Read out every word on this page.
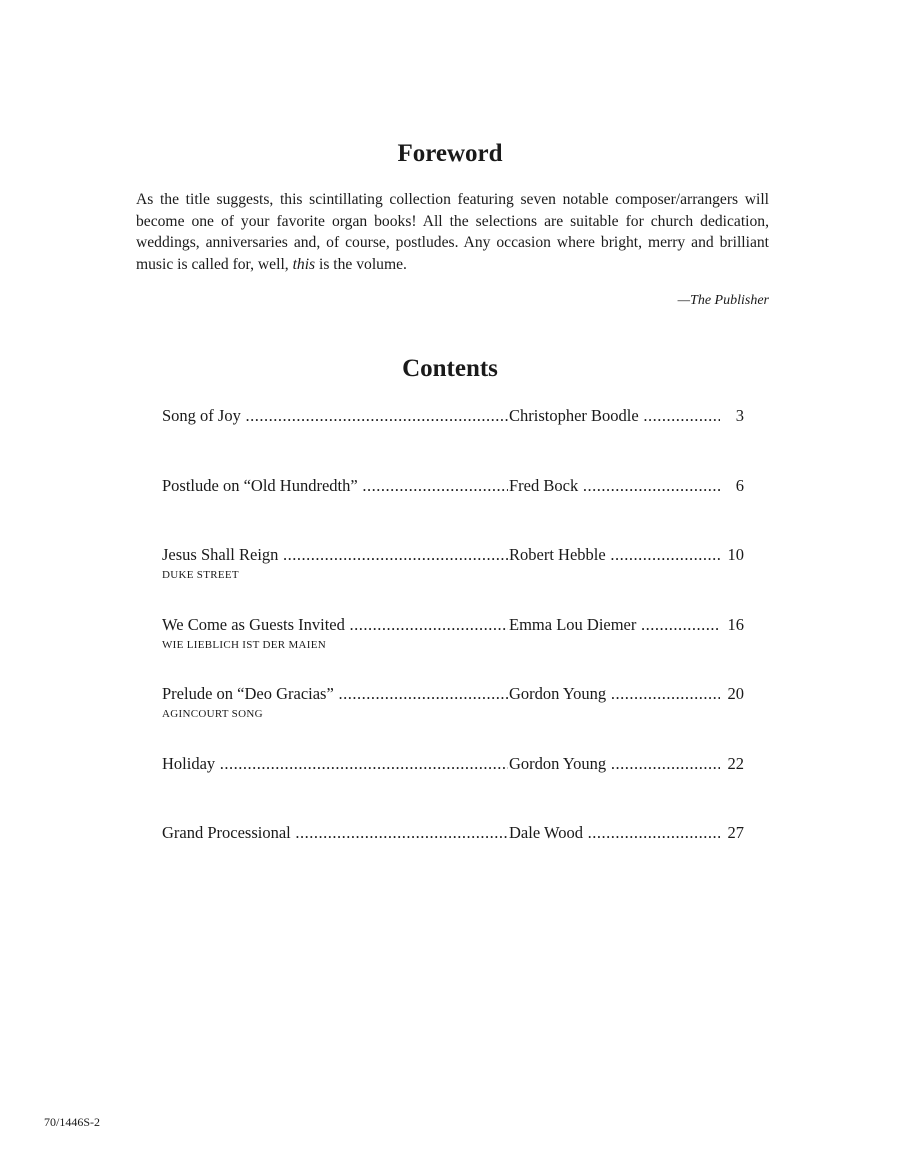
Foreword

As the title suggests, this scintillating collection featuring seven notable composer/arrangers will become one of your favorite organ books! All the selections are suitable for church dedication, weddings, anniversaries and, of course, postludes. Any occasion where bright, merry and brilliant music is called for, well, this is the volume.

—The Publisher
Contents
Song of Joy .....	Christopher Boodle .....	3
Postlude on “Old Hundredth” .....	Fred Bock .....	6
Jesus Shall Reign .....	Robert Hebble .....	10
DUKE STREET
We Come as Guests Invited .....	Emma Lou Diemer .....	16
WIE LIEBLICH IST DER MAIEN
Prelude on “Deo Gracias” .....	Gordon Young .....	20
AGINCOURT SONG
Holiday .....	Gordon Young .....	22
Grand Processional .....	Dale Wood .....	27
70/1446S-2
